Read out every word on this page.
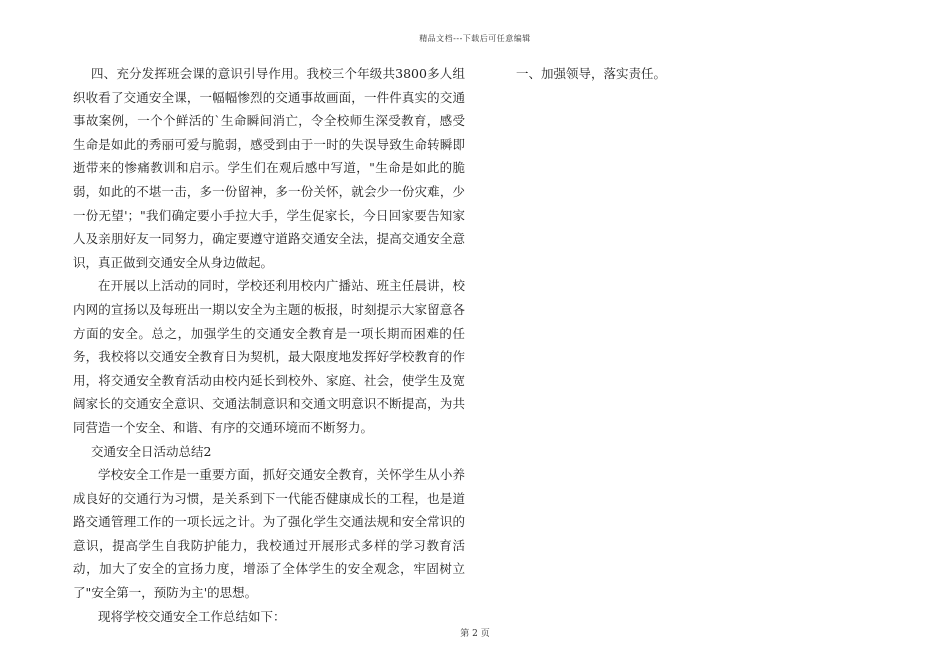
精品文档---下载后可任意编辑

四、充分发挥班会课的意识引导作用。我校三个年级共3800多人组织收看了交通安全课，一幅幅惨烈的交通事故画面，一件件真实的交通事故案例，一个个鲜活的`生命瞬间消亡，令全校师生深受教育，感受生命是如此的秀丽可爱与脆弱，感受到由于一时的失误导致生命转瞬即逝带来的惨痛教训和启示。学生们在观后感中写道，"生命是如此的脆弱，如此的不堪一击，多一份留神，多一份关怀，就会少一份灾难，少一份无望'；"我们确定要小手拉大手，学生促家长，今日回家要告知家人及亲朋好友一同努力，确定要遵守道路交通安全法，提高交通安全意识，真正做到交通安全从身边做起。

在开展以上活动的同时，学校还利用校内广播站、班主任晨讲，校内网的宣扬以及每班出一期以安全为主题的板报，时刻提示大家留意各方面的安全。总之，加强学生的交通安全教育是一项长期而困难的任务，我校将以交通安全教育日为契机，最大限度地发挥好学校教育的作用，将交通安全教育活动由校内延长到校外、家庭、社会，使学生及宽阔家长的交通安全意识、交通法制意识和交通文明意识不断提高，为共同营造一个安全、和谐、有序的交通环境而不断努力。

交通安全日活动总结2

学校安全工作是一重要方面，抓好交通安全教育，关怀学生从小养成良好的交通行为习惯，是关系到下一代能否健康成长的工程，也是道路交通管理工作的一项长远之计。为了强化学生交通法规和安全常识的意识，提高学生自我防护能力，我校通过开展形式多样的学习教育活动，加大了安全的宣扬力度，增添了全体学生的安全观念，牢固树立了"安全第一，预防为主'的思想。

现将学校交通安全工作总结如下：

一、加强领导，落实责任。

第 2 页
